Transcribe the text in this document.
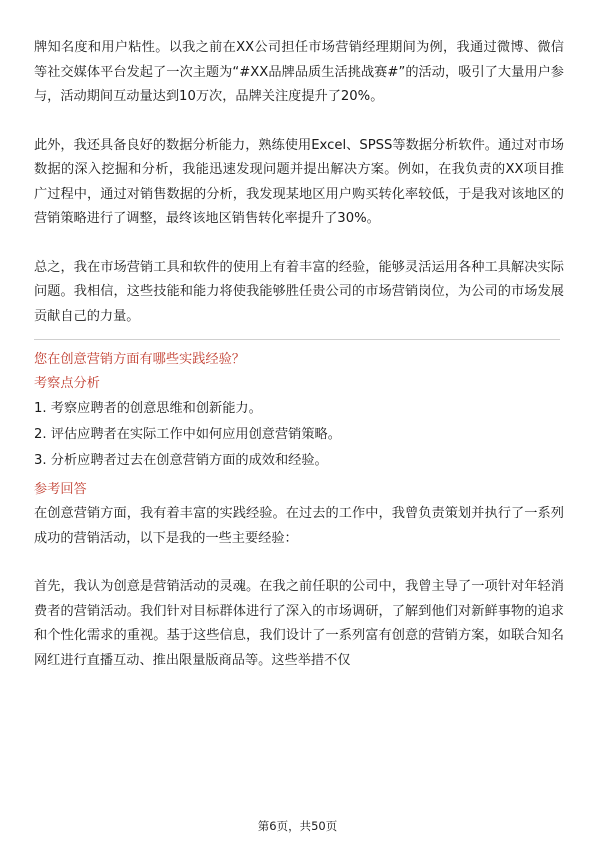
牌知名度和用户粘性。以我之前在XX公司担任市场营销经理期间为例，我通过微博、微信等社交媒体平台发起了一次主题为“#XX品牌品质生活挑战赛#”的活动，吸引了大量用户参与，活动期间互动量达到10万次，品牌关注度提升了20%。

此外，我还具备良好的数据分析能力，熟练使用Excel、SPSS等数据分析软件。通过对市场数据的深入挖掘和分析，我能迅速发现问题并提出解决方案。例如，在我负责的XX项目推广过程中，通过对销售数据的分析，我发现某地区用户购买转化率较低，于是我对该地区的营销策略进行了调整，最终该地区销售转化率提升了30%。

总之，我在市场营销工具和软件的使用上有着丰富的经验，能够灵活运用各种工具解决实际问题。我相信，这些技能和能力将使我能够胜任贵公司的市场营销岗位，为公司的市场发展贡献自己的力量。

您在创意营销方面有哪些实践经验？

考察点分析

1. 考察应聘者的创意思维和创新能力。

2. 评估应聘者在实际工作中如何应用创意营销策略。

3. 分析应聘者过去在创意营销方面的成效和经验。

参考回答

在创意营销方面，我有着丰富的实践经验。在过去的工作中，我曾负责策划并执行了一系列成功的营销活动，以下是我的一些主要经验：

首先，我认为创意是营销活动的灵魂。在我之前任职的公司中，我曾主导了一项针对年轻消费者的营销活动。我们针对目标群体进行了深入的市场调研，了解到他们对新鲜事物的追求和个性化需求的重视。基于这些信息，我们设计了一系列富有创意的营销方案，如联合知名网红进行直播互动、推出限量版商品等。这些举措不仅

第6页，共50页
